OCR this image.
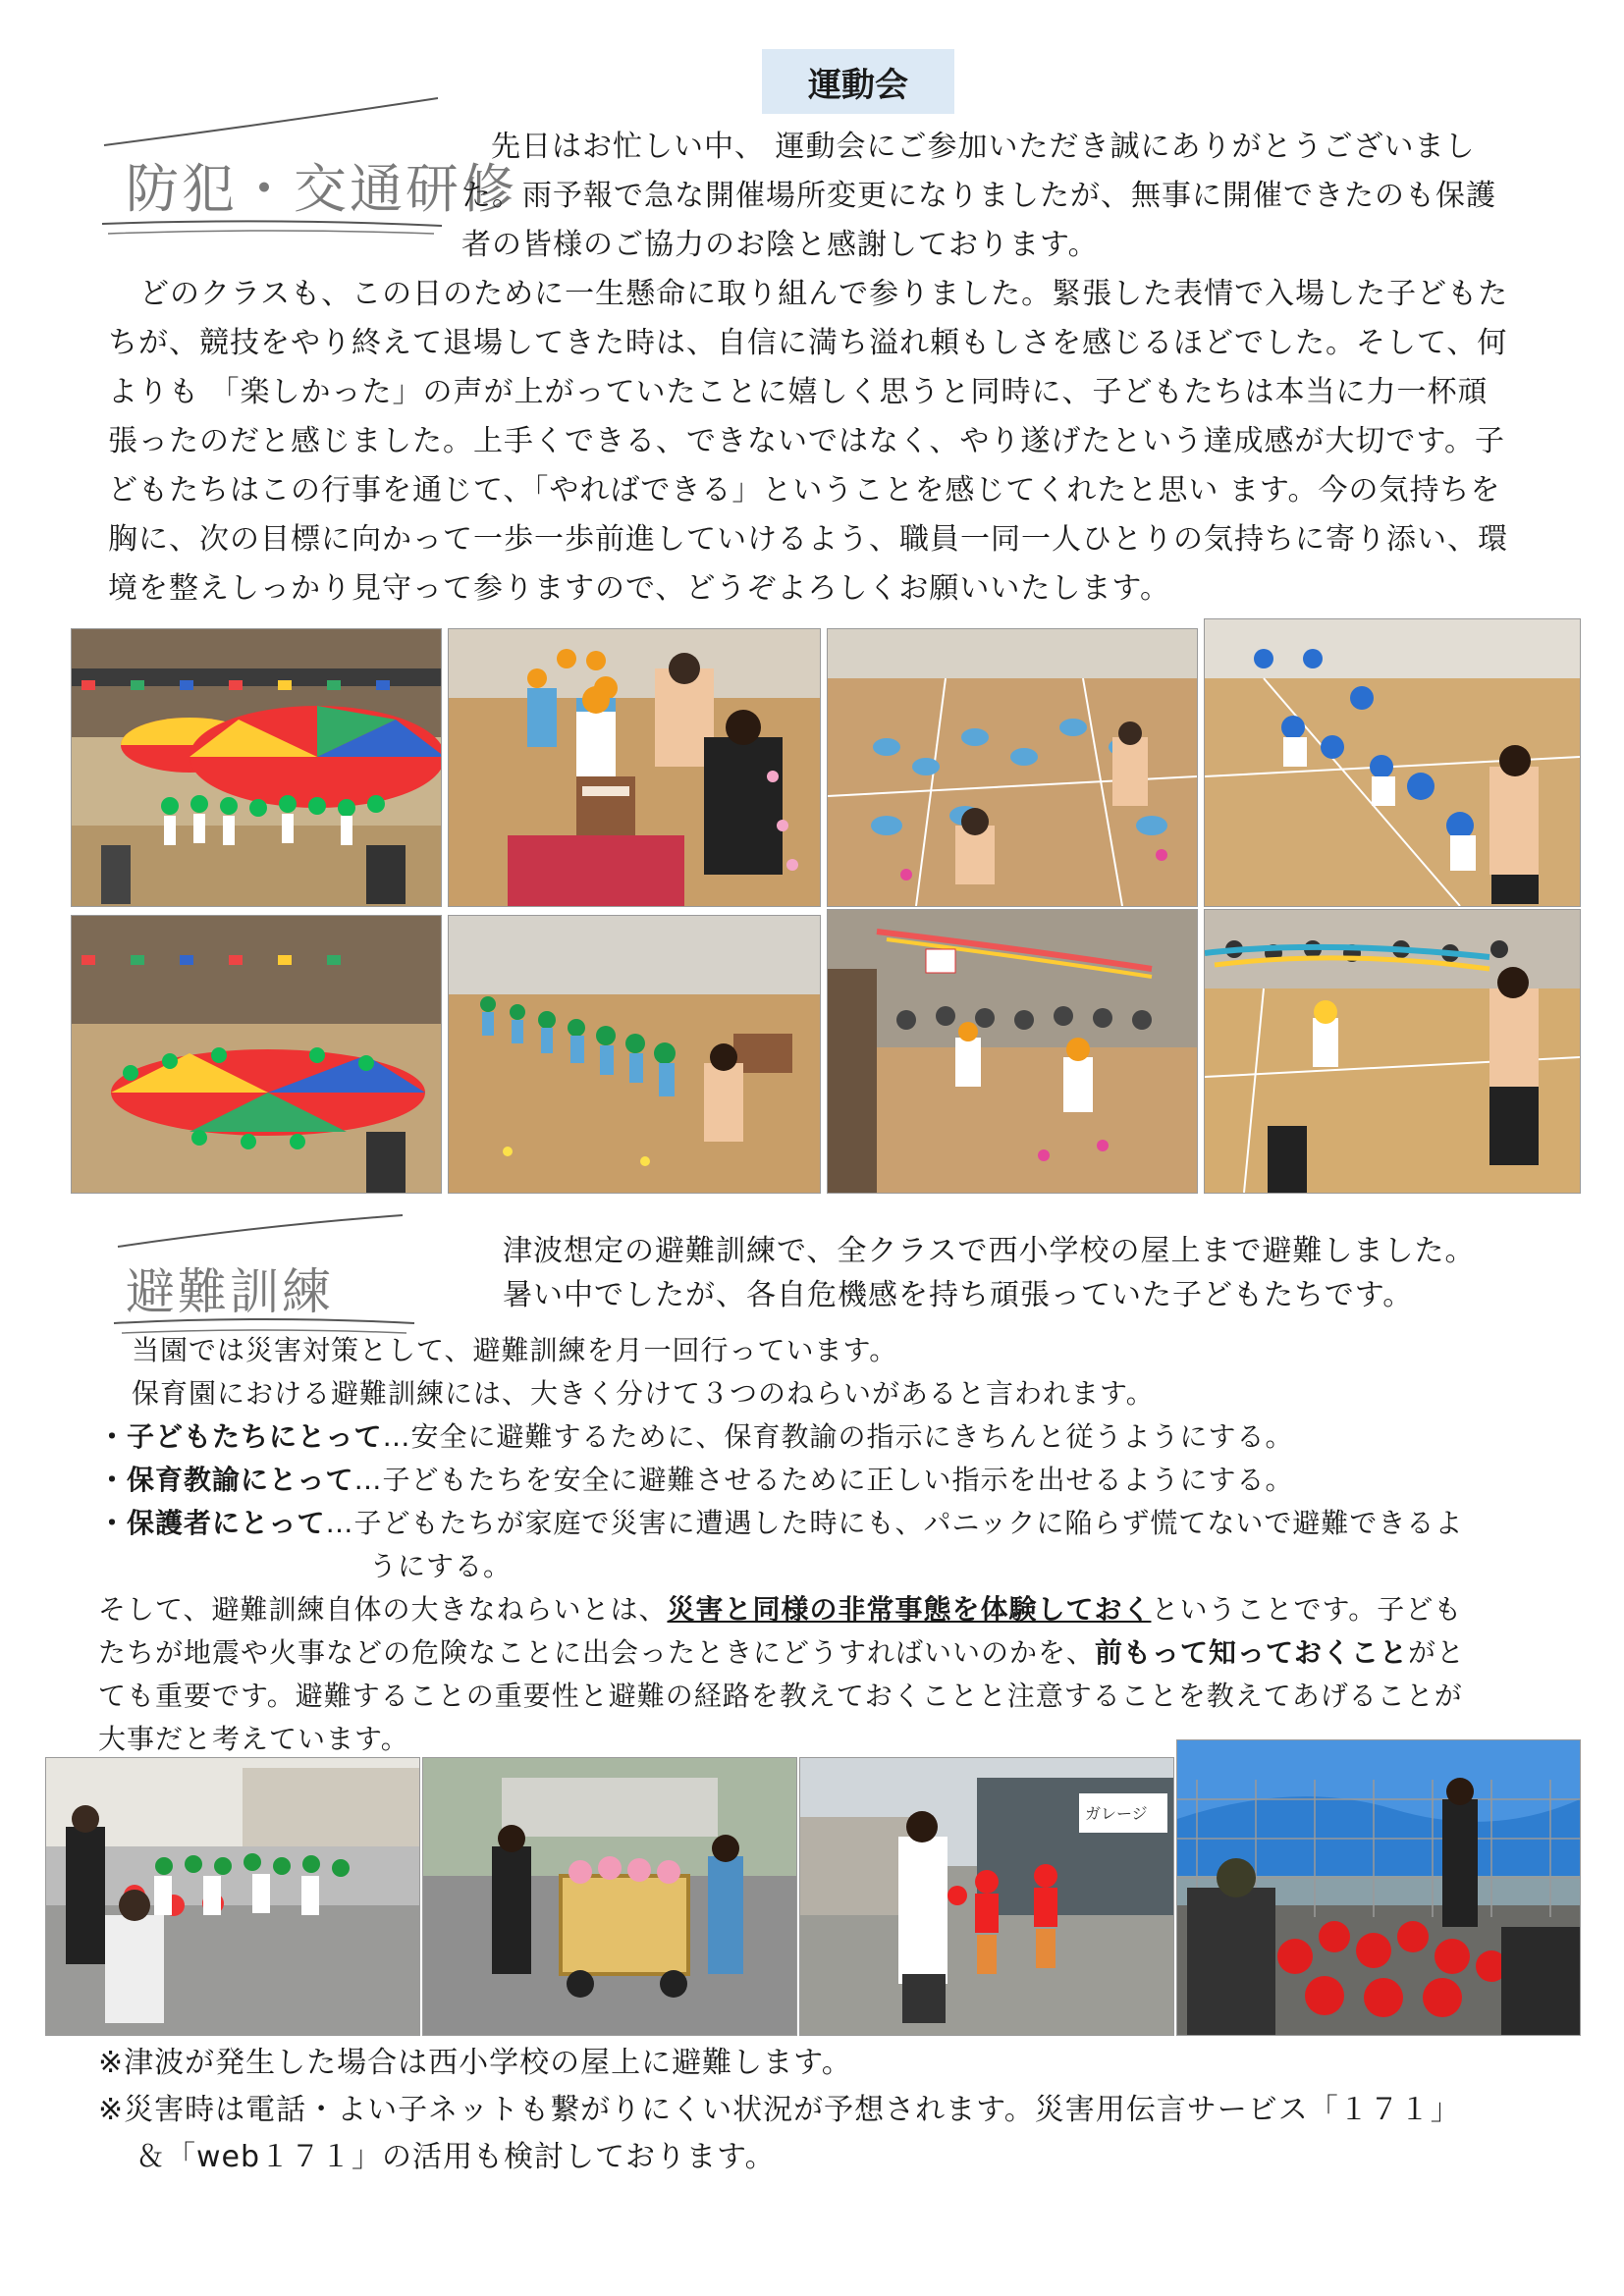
運動会
防犯・交通研修
先日はお忙しい中、 運動会にご参加いただき誠にありがとうございまし
た。雨予報で急な開催場所変更になりましたが、無事に開催できたのも保護
者の皆様のご協力のお陰と感謝しております。
どのクラスも、この日のために一生懸命に取り組んで参りました。緊張した表情で入場した子どもた
ちが、競技をやり終えて退場してきた時は、自信に満ち溢れ頼もしさを感じるほどでした。そして、何
よりも 「楽しかった」の声が上がっていたことに嬉しく思うと同時に、子どもたちは本当に力一杯頑
張ったのだと感じました。上手くできる、できないではなく、やり遂げたという達成感が大切です。子
どもたちはこの行事を通じて、「やればできる」ということを感じてくれたと思い ます。今の気持ちを
胸に、次の目標に向かって一歩一歩前進していけるよう、職員一同一人ひとりの気持ちに寄り添い、環
境を整えしっかり見守って参りますので、どうぞよろしくお願いいたします。
避難訓練
津波想定の避難訓練で、全クラスで西小学校の屋上まで避難しました。
暑い中でしたが、各自危機感を持ち頑張っていた子どもたちです。
当園では災害対策として、避難訓練を月一回行っています。
保育園における避難訓練には、大きく分けて３つのねらいがあると言われます。
・子どもたちにとって…安全に避難するために、保育教諭の指示にきちんと従うようにする。
・保育教諭にとって…子どもたちを安全に避難させるために正しい指示を出せるようにする。
・保護者にとって…子どもたちが家庭で災害に遭遇した時にも、パニックに陥らず慌てないで避難できるよ
うにする。
そして、避難訓練自体の大きなねらいとは、災害と同様の非常事態を体験しておくということです。子ども
たちが地震や火事などの危険なことに出会ったときにどうすればいいのかを、前もって知っておくことがと
ても重要です。避難することの重要性と避難の経路を教えておくことと注意することを教えてあげることが
大事だと考えています。
ガレージ
※津波が発生した場合は西小学校の屋上に避難します。
※災害時は電話・よい子ネットも繋がりにくい状況が予想されます。災害用伝言サービス「１７１」
＆「web１７１」の活用も検討しております。
